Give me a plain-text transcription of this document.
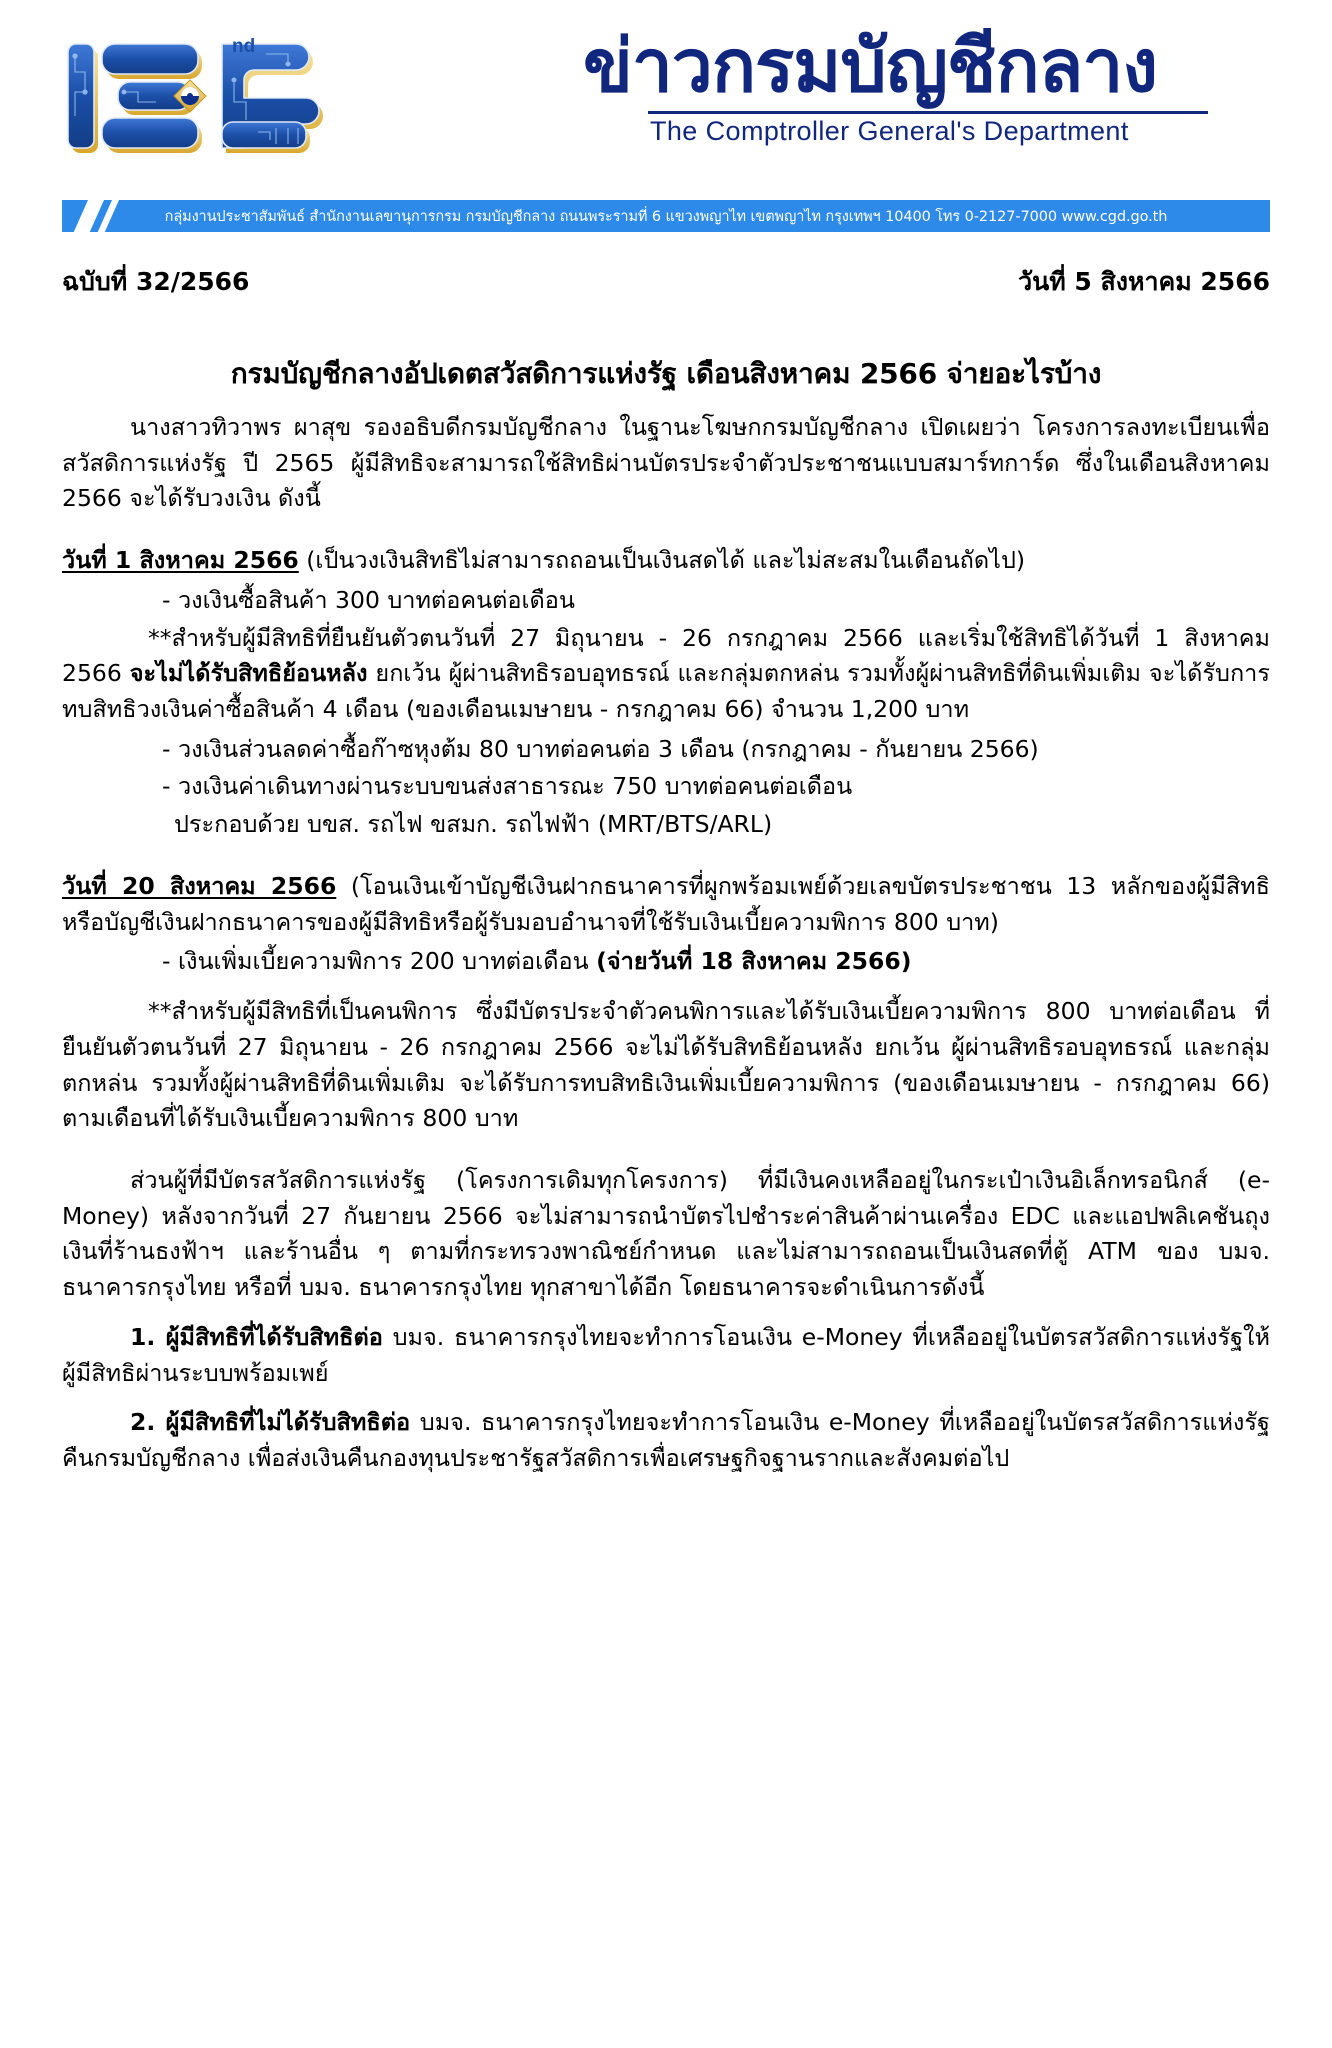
nd	ข่าวกรมบัญชีกลาง
The Comptroller General's Department
กลุ่มงานประชาสัมพันธ์ สำนักงานเลขานุการกรม กรมบัญชีกลาง ถนนพระรามที่ 6 แขวงพญาไท เขตพญาไท กรุงเทพฯ 10400 โทร 0-2127-7000 www.cgd.go.th
ฉบับที่ 32/2566	วันที่ 5 สิงหาคม 2566
กรมบัญชีกลางอัปเดตสวัสดิการแห่งรัฐ เดือนสิงหาคม 2566 จ่ายอะไรบ้าง

นางสาวทิวาพร ผาสุข รองอธิบดีกรมบัญชีกลาง ในฐานะโฆษกกรมบัญชีกลาง เปิดเผยว่า โครงการลงทะเบียนเพื่อสวัสดิการแห่งรัฐ ปี 2565 ผู้มีสิทธิจะสามารถใช้สิทธิผ่านบัตรประจำตัวประชาชนแบบสมาร์ทการ์ด ซึ่งในเดือนสิงหาคม 2566 จะได้รับวงเงิน ดังนี้

วันที่ 1 สิงหาคม 2566 (เป็นวงเงินสิทธิไม่สามารถถอนเป็นเงินสดได้ และไม่สะสมในเดือนถัดไป)

- วงเงินซื้อสินค้า 300 บาทต่อคนต่อเดือน

**สำหรับผู้มีสิทธิที่ยืนยันตัวตนวันที่ 27 มิถุนายน - 26 กรกฎาคม 2566 และเริ่มใช้สิทธิได้วันที่ 1 สิงหาคม 2566 จะไม่ได้รับสิทธิย้อนหลัง ยกเว้น ผู้ผ่านสิทธิรอบอุทธรณ์ และกลุ่มตกหล่น รวมทั้งผู้ผ่านสิทธิที่ดินเพิ่มเติม จะได้รับการทบสิทธิวงเงินค่าซื้อสินค้า 4 เดือน (ของเดือนเมษายน - กรกฎาคม 66) จำนวน 1,200 บาท

- วงเงินส่วนลดค่าซื้อก๊าซหุงต้ม 80 บาทต่อคนต่อ 3 เดือน (กรกฎาคม - กันยายน 2566)

- วงเงินค่าเดินทางผ่านระบบขนส่งสาธารณะ 750 บาทต่อคนต่อเดือน

ประกอบด้วย บขส. รถไฟ ขสมก. รถไฟฟ้า (MRT/BTS/ARL)

วันที่ 20 สิงหาคม 2566 (โอนเงินเข้าบัญชีเงินฝากธนาคารที่ผูกพร้อมเพย์ด้วยเลขบัตรประชาชน 13 หลักของผู้มีสิทธิ หรือบัญชีเงินฝากธนาคารของผู้มีสิทธิหรือผู้รับมอบอำนาจที่ใช้รับเงินเบี้ยความพิการ 800 บาท)

- เงินเพิ่มเบี้ยความพิการ 200 บาทต่อเดือน (จ่ายวันที่ 18 สิงหาคม 2566)

**สำหรับผู้มีสิทธิที่เป็นคนพิการ ซึ่งมีบัตรประจำตัวคนพิการและได้รับเงินเบี้ยความพิการ 800 บาทต่อเดือน ที่ยืนยันตัวตนวันที่ 27 มิถุนายน - 26 กรกฎาคม 2566 จะไม่ได้รับสิทธิย้อนหลัง ยกเว้น ผู้ผ่านสิทธิรอบอุทธรณ์ และกลุ่มตกหล่น รวมทั้งผู้ผ่านสิทธิที่ดินเพิ่มเติม จะได้รับการทบสิทธิเงินเพิ่มเบี้ยความพิการ (ของเดือนเมษายน - กรกฎาคม 66) ตามเดือนที่ได้รับเงินเบี้ยความพิการ 800 บาท

ส่วนผู้ที่มีบัตรสวัสดิการแห่งรัฐ (โครงการเดิมทุกโครงการ) ที่มีเงินคงเหลืออยู่ในกระเป๋าเงินอิเล็กทรอนิกส์ (e-Money) หลังจากวันที่ 27 กันยายน 2566 จะไม่สามารถนำบัตรไปชำระค่าสินค้าผ่านเครื่อง EDC และแอปพลิเคชันถุงเงินที่ร้านธงฟ้าฯ และร้านอื่น ๆ ตามที่กระทรวงพาณิชย์กำหนด และไม่สามารถถอนเป็นเงินสดที่ตู้ ATM ของ บมจ. ธนาคารกรุงไทย หรือที่ บมจ. ธนาคารกรุงไทย ทุกสาขาได้อีก โดยธนาคารจะดำเนินการดังนี้

1. ผู้มีสิทธิที่ได้รับสิทธิต่อ บมจ. ธนาคารกรุงไทยจะทำการโอนเงิน e-Money ที่เหลืออยู่ในบัตรสวัสดิการแห่งรัฐให้ผู้มีสิทธิผ่านระบบพร้อมเพย์

2. ผู้มีสิทธิที่ไม่ได้รับสิทธิต่อ บมจ. ธนาคารกรุงไทยจะทำการโอนเงิน e-Money ที่เหลืออยู่ในบัตรสวัสดิการแห่งรัฐคืนกรมบัญชีกลาง เพื่อส่งเงินคืนกองทุนประชารัฐสวัสดิการเพื่อเศรษฐกิจฐานรากและสังคมต่อไป
